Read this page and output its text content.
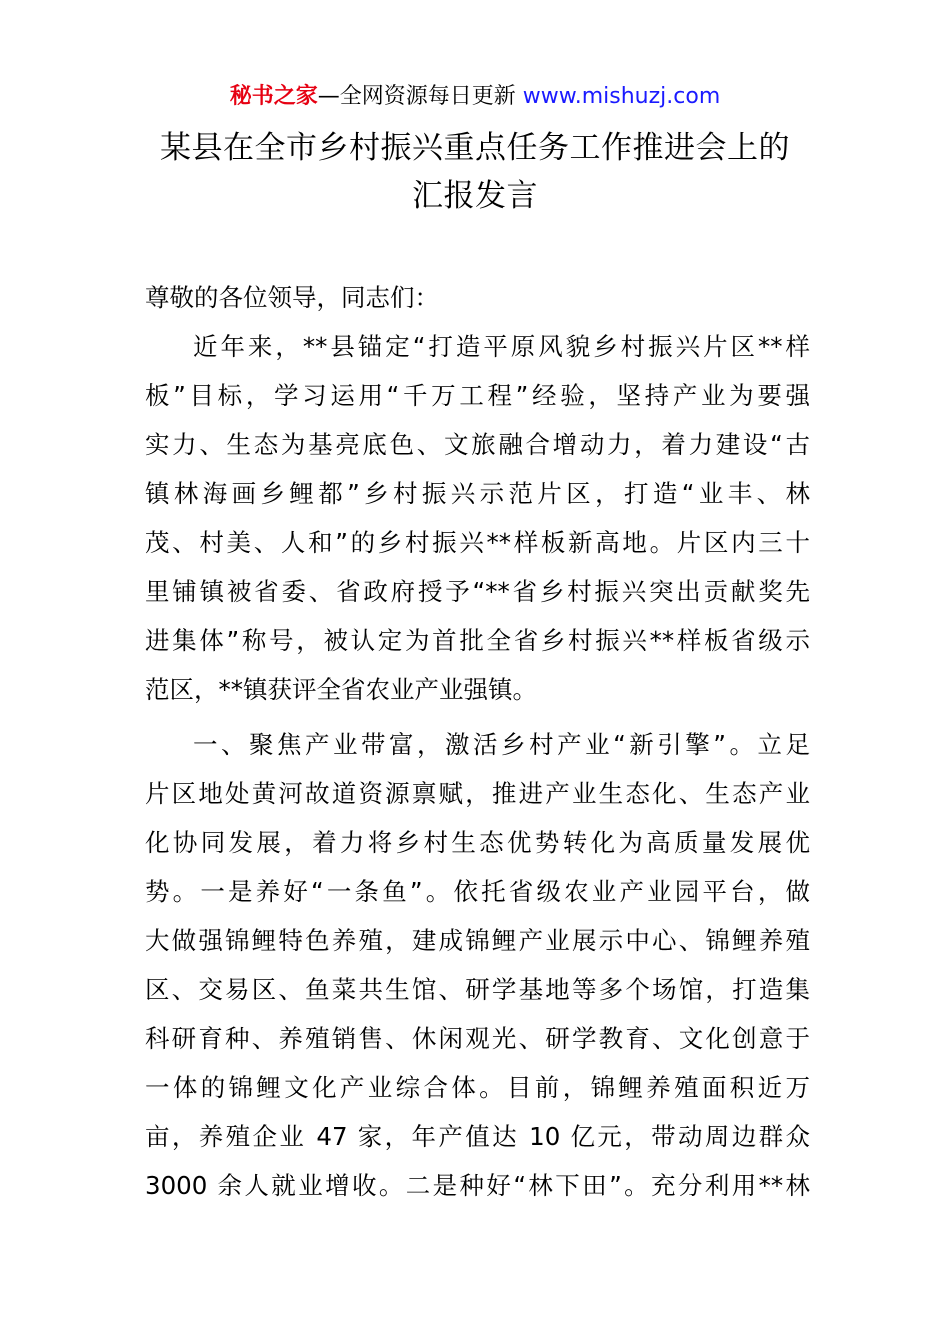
秘书之家—全网资源每日更新 www.mishuzj.com
某县在全市乡村振兴重点任务工作推进会上的
汇报发言
尊敬的各位领导，同志们：
近年来，**县锚定“打造平原风貌乡村振兴片区**样
板”目标，学习运用“千万工程”经验，坚持产业为要强
实力、生态为基亮底色、文旅融合增动力，着力建设“古
镇林海画乡鲤都”乡村振兴示范片区，打造“业丰、林
茂、村美、人和”的乡村振兴**样板新高地。片区内三十
里铺镇被省委、省政府授予“**省乡村振兴突出贡献奖先
进集体”称号，被认定为首批全省乡村振兴**样板省级示
范区，**镇获评全省农业产业强镇。
一、聚焦产业带富，激活乡村产业“新引擎”。立足
片区地处黄河故道资源禀赋，推进产业生态化、生态产业
化协同发展，着力将乡村生态优势转化为高质量发展优
势。一是养好“一条鱼”。依托省级农业产业园平台，做
大做强锦鲤特色养殖，建成锦鲤产业展示中心、锦鲤养殖
区、交易区、鱼菜共生馆、研学基地等多个场馆，打造集
科研育种、养殖销售、休闲观光、研学教育、文化创意于
一体的锦鲤文化产业综合体。目前，锦鲤养殖面积近万
亩，养殖企业 47 家，年产值达 10 亿元，带动周边群众
3000 余人就业增收。二是种好“林下田”。充分利用**林
